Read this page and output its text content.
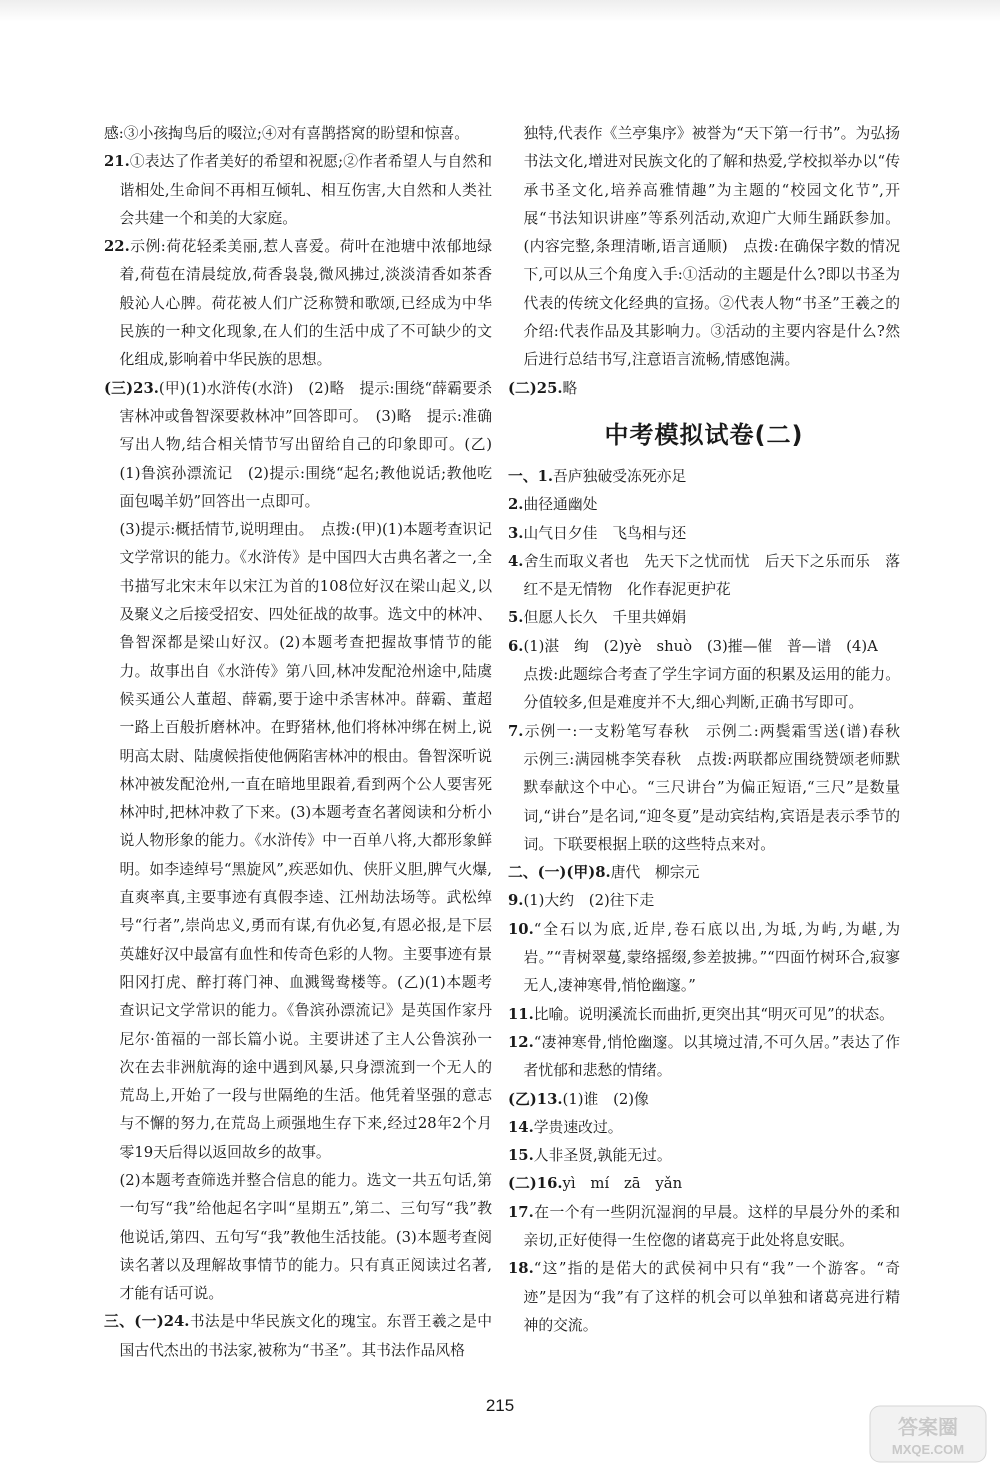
感:③小孩掏鸟后的啜泣;④对有喜鹊搭窝的盼望和惊喜。

21.①表达了作者美好的希望和祝愿;②作者希望人与自然和谐相处,生命间不再相互倾轧、相互伤害,大自然和人类社会共建一个和美的大家庭。

22.示例:荷花轻柔美丽,惹人喜爱。荷叶在池塘中浓郁地绿着,荷苞在清晨绽放,荷香袅袅,微风拂过,淡淡清香如茶香般沁人心脾。荷花被人们广泛称赞和歌颂,已经成为中华民族的一种文化现象,在人们的生活中成了不可缺少的文化组成,影响着中华民族的思想。

(三)23.(甲)(1)水浒传(水浒)　(2)略　提示:围绕“薛霸要杀害林冲或鲁智深要救林冲”回答即可。　(3)略　提示:准确写出人物,结合相关情节写出留给自己的印象即可。(乙)(1)鲁滨孙漂流记　(2)提示:围绕“起名;教他说话;教他吃面包喝羊奶”回答出一点即可。

(3)提示:概括情节,说明理由。　点拨:(甲)(1)本题考查识记文学常识的能力。《水浒传》是中国四大古典名著之一,全书描写北宋末年以宋江为首的108位好汉在梁山起义,以及聚义之后接受招安、四处征战的故事。选文中的林冲、鲁智深都是梁山好汉。(2)本题考查把握故事情节的能力。故事出自《水浒传》第八回,林冲发配沧州途中,陆虞候买通公人董超、薛霸,要于途中杀害林冲。薛霸、董超一路上百般折磨林冲。在野猪林,他们将林冲绑在树上,说明高太尉、陆虞候指使他俩陷害林冲的根由。鲁智深听说林冲被发配沧州,一直在暗地里跟着,看到两个公人要害死林冲时,把林冲救了下来。(3)本题考查名著阅读和分析小说人物形象的能力。《水浒传》中一百单八将,大都形象鲜明。如李逵绰号“黑旋风”,疾恶如仇、侠肝义胆,脾气火爆,直爽率真,主要事迹有真假李逵、江州劫法场等。武松绰号“行者”,崇尚忠义,勇而有谋,有仇必复,有恩必报,是下层英雄好汉中最富有血性和传奇色彩的人物。主要事迹有景阳冈打虎、醉打蒋门神、血溅鸳鸯楼等。(乙)(1)本题考查识记文学常识的能力。《鲁滨孙漂流记》是英国作家丹尼尔·笛福的一部长篇小说。主要讲述了主人公鲁滨孙一次在去非洲航海的途中遇到风暴,只身漂流到一个无人的荒岛上,开始了一段与世隔绝的生活。他凭着坚强的意志与不懈的努力,在荒岛上顽强地生存下来,经过28年2个月零19天后得以返回故乡的故事。

(2)本题考查筛选并整合信息的能力。选文一共五句话,第一句写“我”给他起名字叫“星期五”,第二、三句写“我”教他说话,第四、五句写“我”教他生活技能。(3)本题考查阅读名著以及理解故事情节的能力。只有真正阅读过名著,才能有话可说。

三、(一)24.书法是中华民族文化的瑰宝。东晋王羲之是中国古代杰出的书法家,被称为“书圣”。其书法作品风格

独特,代表作《兰亭集序》被誉为“天下第一行书”。为弘扬书法文化,增进对民族文化的了解和热爱,学校拟举办以“传承书圣文化,培养高雅情趣”为主题的“校园文化节”,开展“书法知识讲座”等系列活动,欢迎广大师生踊跃参加。(内容完整,条理清晰,语言通顺)　点拨:在确保字数的情况下,可以从三个角度入手:①活动的主题是什么?即以书圣为代表的传统文化经典的宣扬。②代表人物“书圣”王羲之的介绍:代表作品及其影响力。③活动的主要内容是什么?然后进行总结书写,注意语言流畅,情感饱满。

(二)25.略

中考模拟试卷(二)

一、1.吾庐独破受冻死亦足

2.曲径通幽处

3.山气日夕佳　飞鸟相与还

4.舍生而取义者也　先天下之忧而忧　后天下之乐而乐　落红不是无情物　化作春泥更护花

5.但愿人长久　千里共婵娟

6.(1)湛　绚　(2)yè　shuò　(3)摧—催　普—谱　(4)A

点拨:此题综合考查了学生字词方面的积累及运用的能力。分值较多,但是难度并不大,细心判断,正确书写即可。

7.示例一:一支粉笔写春秋　示例二:两鬓霜雪送(谱)春秋　示例三:满园桃李笑春秋　点拨:两联都应围绕赞颂老师默默奉献这个中心。“三尺讲台”为偏正短语,“三尺”是数量词,“讲台”是名词,“迎冬夏”是动宾结构,宾语是表示季节的词。下联要根据上联的这些特点来对。

二、(一)(甲)8.唐代　柳宗元

9.(1)大约　(2)往下走

10.“全石以为底,近岸,卷石底以出,为坻,为屿,为嵁,为岩。”“青树翠蔓,蒙络摇缀,参差披拂。”“四面竹树环合,寂寥无人,凄神寒骨,悄怆幽邃。”

11.比喻。说明溪流长而曲折,更突出其“明灭可见”的状态。

12.“凄神寒骨,悄怆幽邃。以其境过清,不可久居。”表达了作者忧郁和悲愁的情绪。

(乙)13.(1)谁　(2)像

14.学贵速改过。

15.人非圣贤,孰能无过。

(二)16.yì　mí　zā　yǎn

17.在一个有一些阴沉湿润的早晨。这样的早晨分外的柔和亲切,正好使得一生倥偬的诸葛亮于此处将息安眠。

18.“这”指的是偌大的武侯祠中只有“我”一个游客。“奇迹”是因为“我”有了这样的机会可以单独和诸葛亮进行精神的交流。

215
答案圈
MXQE.COM
